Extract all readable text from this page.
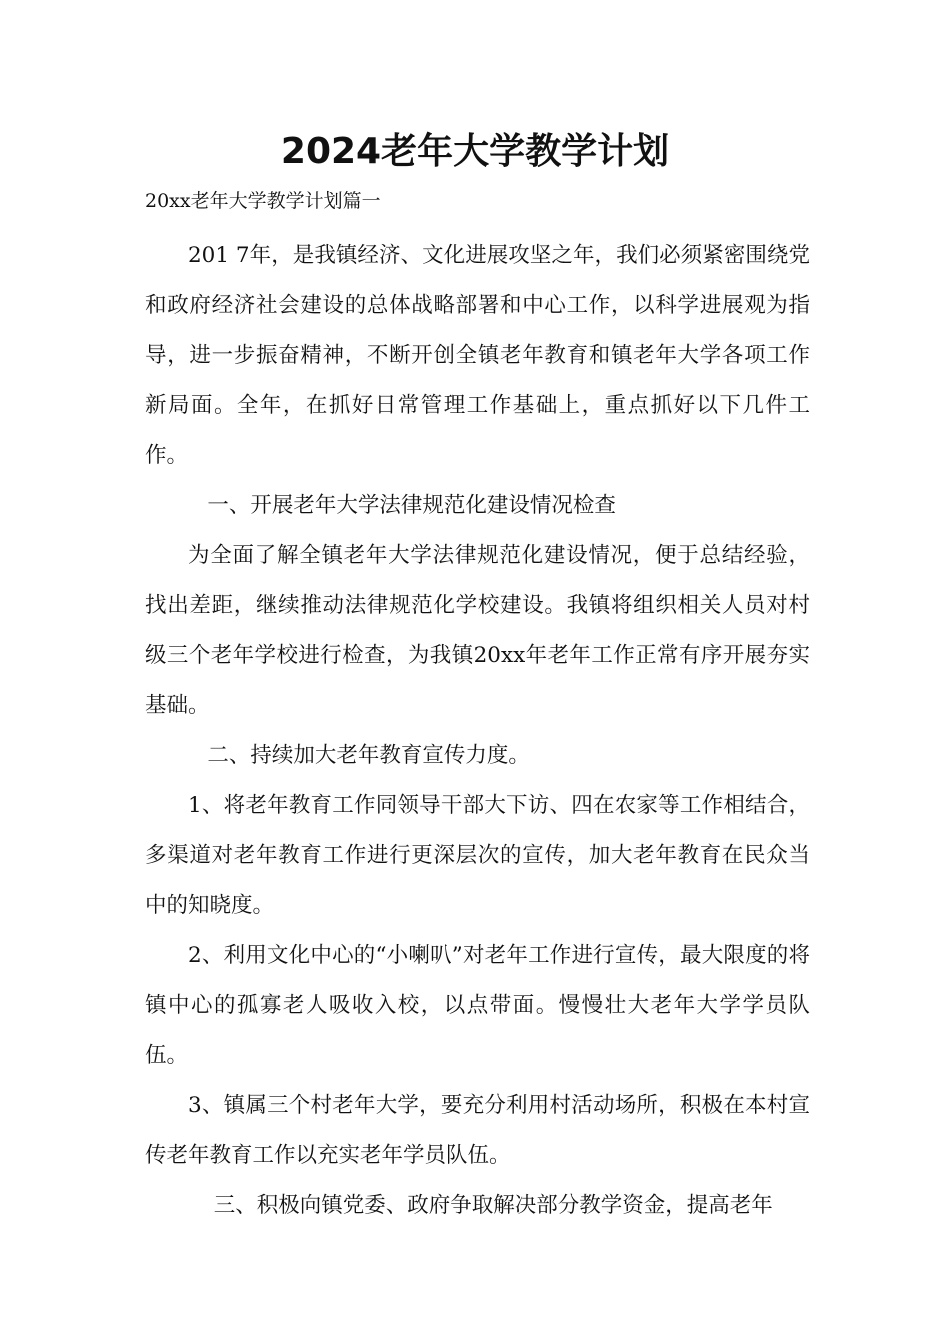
2024老年大学教学计划

20xx老年大学教学计划篇一

201 7年，是我镇经济、文化进展攻坚之年，我们必须紧密围绕党和政府经济社会建设的总体战略部署和中心工作，以科学进展观为指导，进一步振奋精神，不断开创全镇老年教育和镇老年大学各项工作新局面。全年，在抓好日常管理工作基础上，重点抓好以下几件工作。

一、开展老年大学法律规范化建设情况检查

为全面了解全镇老年大学法律规范化建设情况，便于总结经验，找出差距，继续推动法律规范化学校建设。我镇将组织相关人员对村级三个老年学校进行检查，为我镇20xx年老年工作正常有序开展夯实基础。

二、持续加大老年教育宣传力度。

1、将老年教育工作同领导干部大下访、四在农家等工作相结合，多渠道对老年教育工作进行更深层次的宣传，加大老年教育在民众当中的知晓度。

2、利用文化中心的“小喇叭”对老年工作进行宣传，最大限度的将镇中心的孤寡老人吸收入校，以点带面。慢慢壮大老年大学学员队伍。

3、镇属三个村老年大学，要充分利用村活动场所，积极在本村宣传老年教育工作以充实老年学员队伍。

三、积极向镇党委、政府争取解决部分教学资金，提高老年
